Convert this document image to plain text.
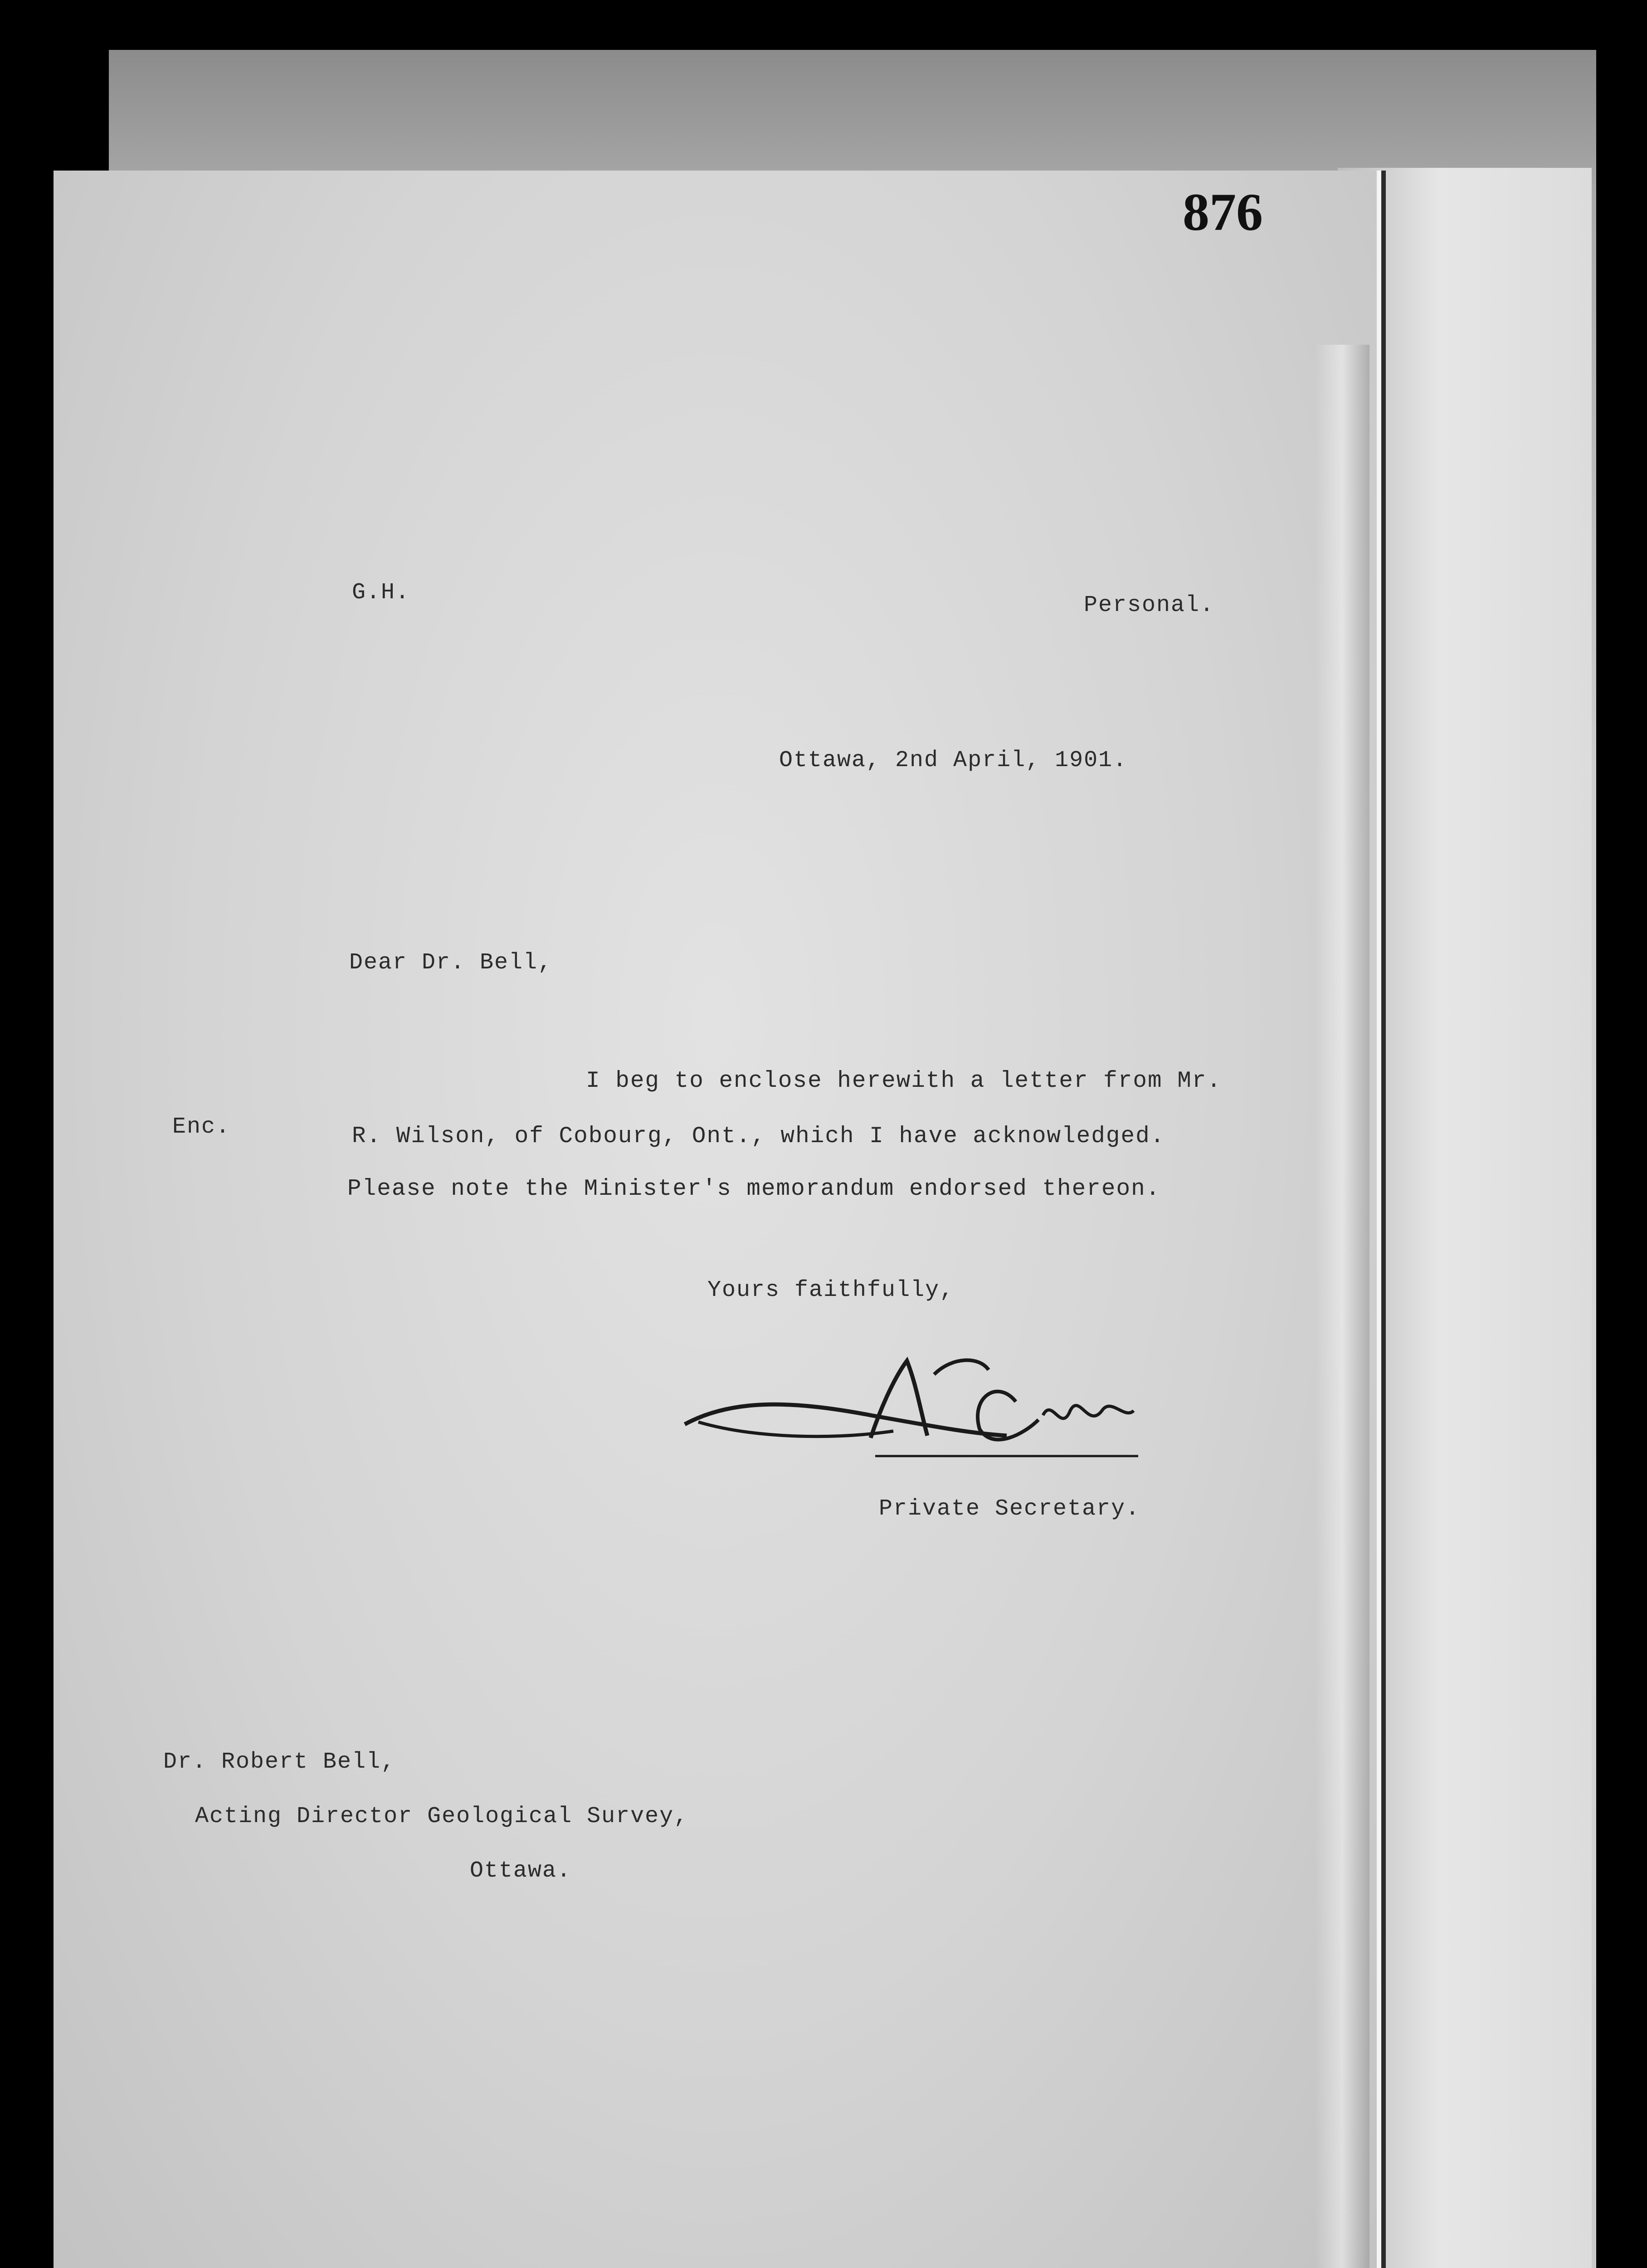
876
G.H.	Personal.
Ottawa, 2nd April, 1901.
Dear Dr. Bell,
I beg to enclose herewith a letter from Mr.
Enc.	R. Wilson, of Cobourg, Ont., which I have acknowledged.
Please note the Minister's memorandum endorsed thereon.
Yours faithfully,
Private Secretary.
Dr. Robert Bell,
Acting Director Geological Survey,
Ottawa.
